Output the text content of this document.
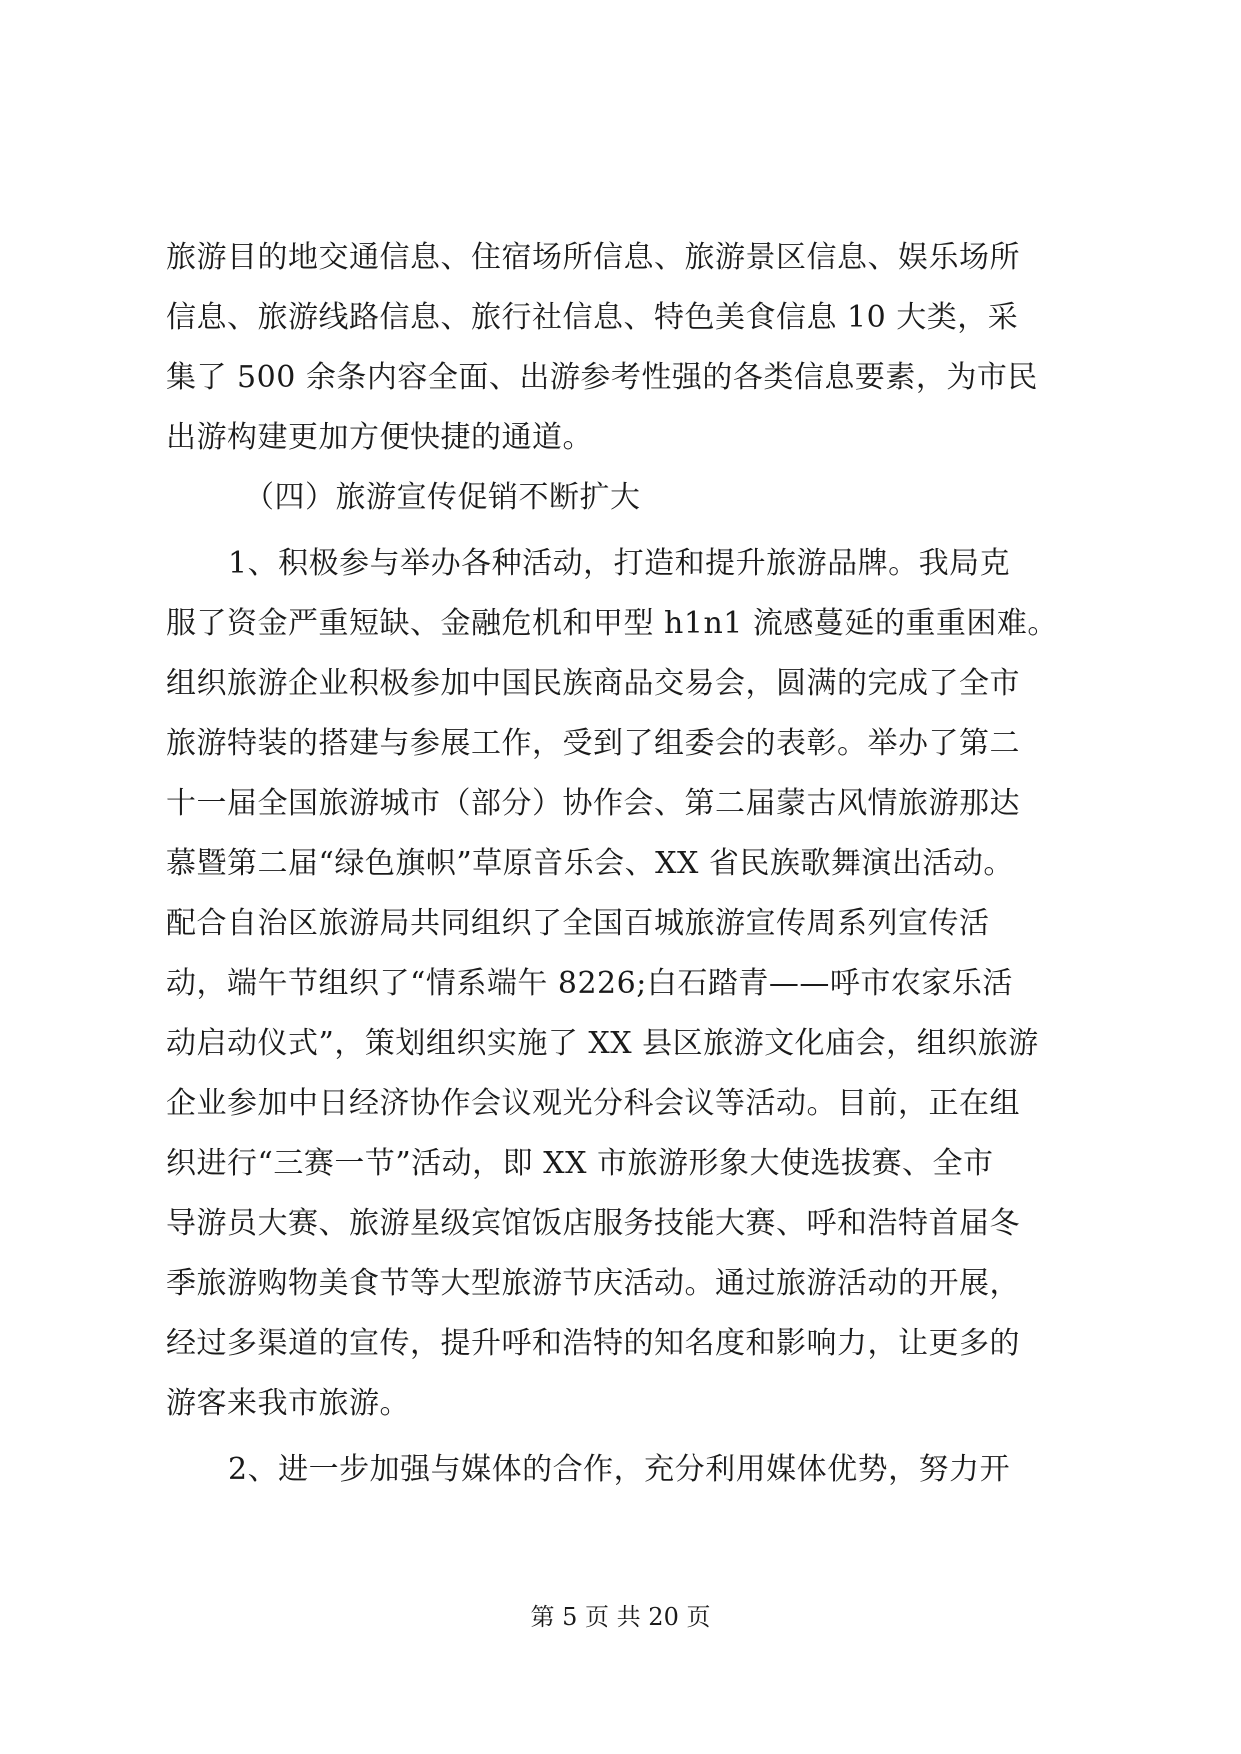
旅游目的地交通信息、住宿场所信息、旅游景区信息、娱乐场所
信息、旅游线路信息、旅行社信息、特色美食信息 10 大类，采
集了 500 余条内容全面、出游参考性强的各类信息要素，为市民
出游构建更加方便快捷的通道。
（四）旅游宣传促销不断扩大
1、积极参与举办各种活动，打造和提升旅游品牌。我局克
服了资金严重短缺、金融危机和甲型 h1n1 流感蔓延的重重困难。
组织旅游企业积极参加中国民族商品交易会，圆满的完成了全市
旅游特装的搭建与参展工作，受到了组委会的表彰。举办了第二
十一届全国旅游城市（部分）协作会、第二届蒙古风情旅游那达
慕暨第二届“绿色旗帜”草原音乐会、XX 省民族歌舞演出活动。
配合自治区旅游局共同组织了全国百城旅游宣传周系列宣传活
动，端午节组织了“情系端午 8226;白石踏青——呼市农家乐活
动启动仪式”，策划组织实施了 XX 县区旅游文化庙会，组织旅游
企业参加中日经济协作会议观光分科会议等活动。目前，正在组
织进行“三赛一节”活动，即 XX 市旅游形象大使选拔赛、全市
导游员大赛、旅游星级宾馆饭店服务技能大赛、呼和浩特首届冬
季旅游购物美食节等大型旅游节庆活动。通过旅游活动的开展，
经过多渠道的宣传，提升呼和浩特的知名度和影响力，让更多的
游客来我市旅游。
2、进一步加强与媒体的合作，充分利用媒体优势，努力开
第 5 页 共 20 页
